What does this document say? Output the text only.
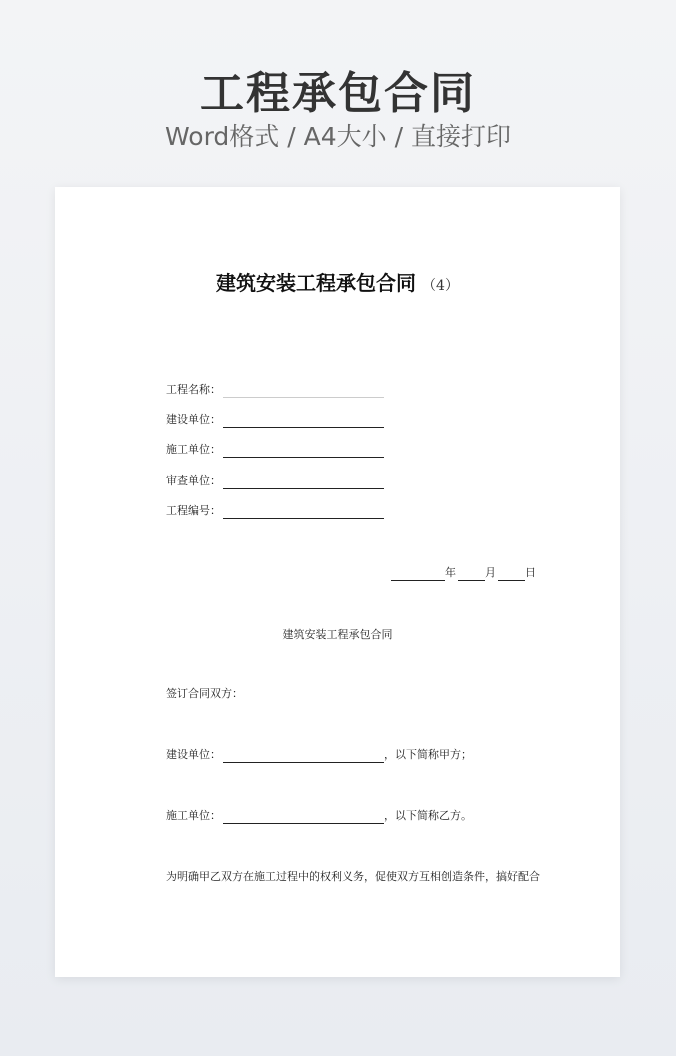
工程承包合同
Word格式 / A4大小 / 直接打印
建筑安装工程承包合同 （4）
工程名称：
建设单位：
施工单位：
审查单位：
工程编号：
年	月	日
建筑安装工程承包合同
签订合同双方：
建设单位：	，以下简称甲方；
施工单位：	，以下简称乙方。
为明确甲乙双方在施工过程中的权利义务，促使双方互相创造条件，搞好配合
